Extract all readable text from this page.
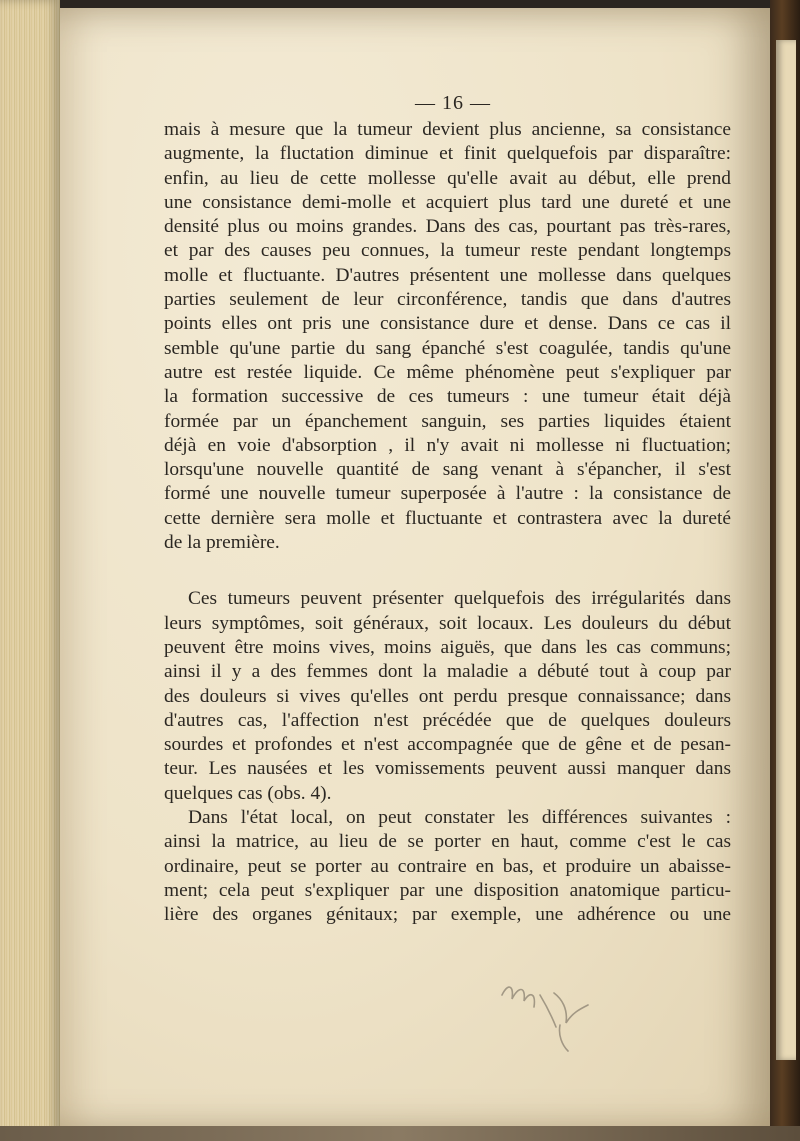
— 16 —
mais à mesure que la tumeur devient plus ancienne, sa consistance
augmente, la fluctation diminue et finit quelquefois par disparaître:
enfin, au lieu de cette mollesse qu'elle avait au début, elle prend
une consistance demi-molle et acquiert plus tard une dureté et une
densité plus ou moins grandes. Dans des cas, pourtant pas très-rares,
et par des causes peu connues, la tumeur reste pendant longtemps
molle et fluctuante. D'autres présentent une mollesse dans quelques
parties seulement de leur circonférence, tandis que dans d'autres
points elles ont pris une consistance dure et dense. Dans ce cas il
semble qu'une partie du sang épanché s'est coagulée, tandis qu'une
autre est restée liquide. Ce même phénomène peut s'expliquer par
la formation successive de ces tumeurs : une tumeur était déjà
formée par un épanchement sanguin, ses parties liquides étaient
déjà en voie d'absorption , il n'y avait ni mollesse ni fluctuation;
lorsqu'une nouvelle quantité de sang venant à s'épancher, il s'est
formé une nouvelle tumeur superposée à l'autre : la consistance de
cette dernière sera molle et fluctuante et contrastera avec la dureté
de la première.
Ces tumeurs peuvent présenter quelquefois des irrégularités dans
leurs symptômes, soit généraux, soit locaux. Les douleurs du début
peuvent être moins vives, moins aiguës, que dans les cas communs;
ainsi il y a des femmes dont la maladie a débuté tout à coup par
des douleurs si vives qu'elles ont perdu presque connaissance; dans
d'autres cas, l'affection n'est précédée que de quelques douleurs
sourdes et profondes et n'est accompagnée que de gêne et de pesan-
teur. Les nausées et les vomissements peuvent aussi manquer dans
quelques cas (obs. 4).
Dans l'état local, on peut constater les différences suivantes :
ainsi la matrice, au lieu de se porter en haut, comme c'est le cas
ordinaire, peut se porter au contraire en bas, et produire un abaisse-
ment; cela peut s'expliquer par une disposition anatomique particu-
lière des organes génitaux; par exemple, une adhérence ou une
